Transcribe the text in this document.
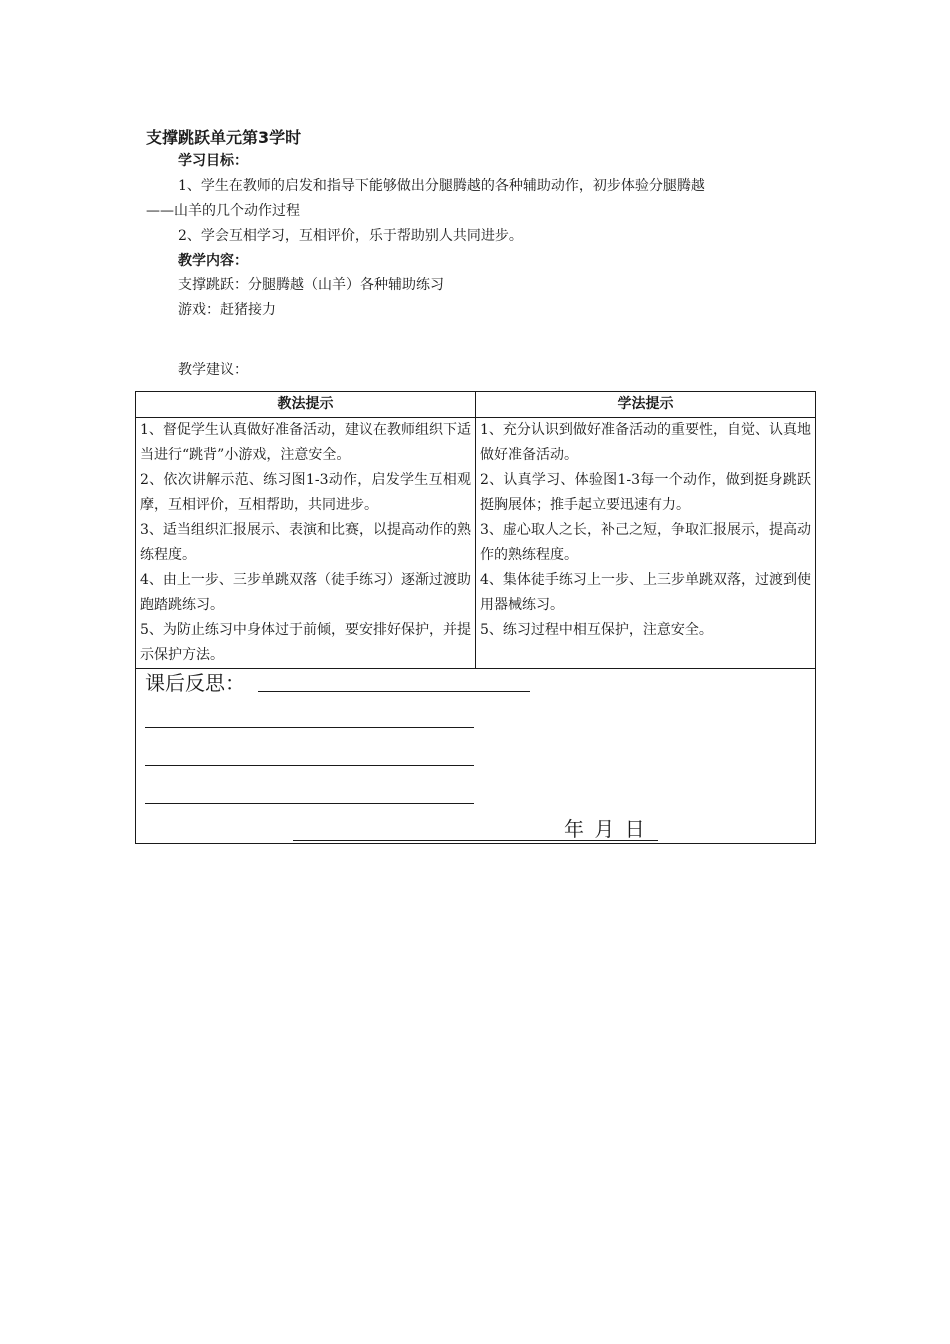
支撑跳跃单元第3学时
学习目标：
1、学生在教师的启发和指导下能够做出分腿腾越的各种辅助动作，初步体验分腿腾越
——山羊的几个动作过程
2、学会互相学习，互相评价，乐于帮助别人共同进步。
教学内容：
支撑跳跃：分腿腾越（山羊）各种辅助练习
游戏：赶猪接力
教学建议：
教法提示	学法提示

1、督促学生认真做好准备活动，建议在教师组织下适当进行“跳背”小游戏，注意安全。
2、依次讲解示范、练习图1-3动作，启发学生互相观摩，互相评价，互相帮助，共同进步。
3、适当组织汇报展示、表演和比赛，以提高动作的熟练程度。
4、由上一步、三步单跳双落（徒手练习）逐渐过渡助跑踏跳练习。
5、为防止练习中身体过于前倾，要安排好保护，并提示保护方法。	1、充分认识到做好准备活动的重要性，自觉、认真地做好准备活动。
2、认真学习、体验图1-3每一个动作，做到挺身跳跃挺胸展体；推手起立要迅速有力。
3、虚心取人之长，补己之短，争取汇报展示，提高动作的熟练程度。
4、集体徒手练习上一步、上三步单跳双落，过渡到使用器械练习。
5、练习过程中相互保护，注意安全。

课后反思：
年 月 日	
